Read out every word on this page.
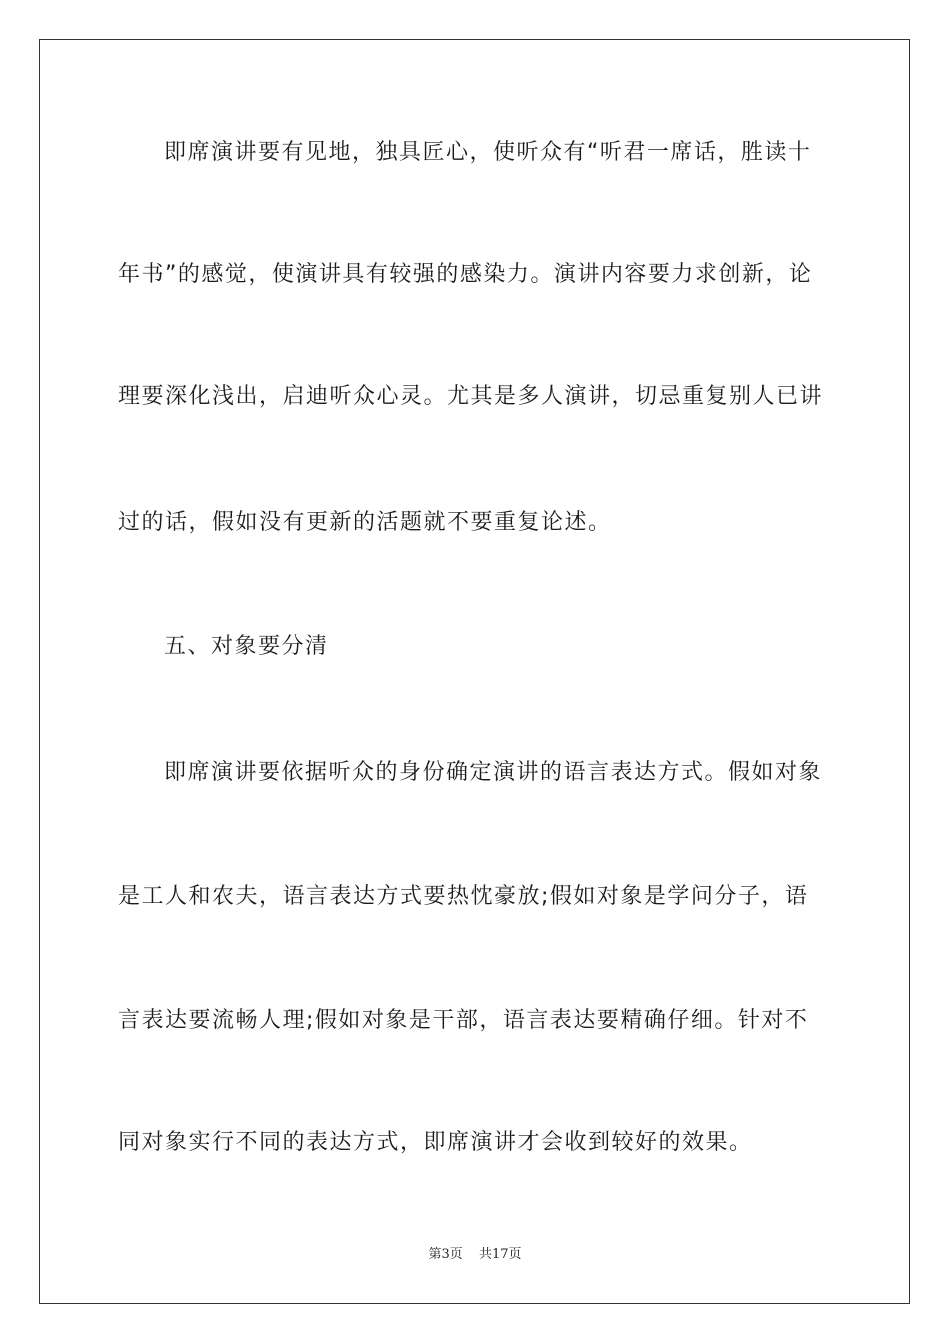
即席演讲要有见地，独具匠心，使听众有“听君一席话，胜读十
年书”的感觉，使演讲具有较强的感染力。演讲内容要力求创新，论
理要深化浅出，启迪听众心灵。尤其是多人演讲，切忌重复别人已讲
过的话，假如没有更新的活题就不要重复论述。
五、对象要分清
即席演讲要依据听众的身份确定演讲的语言表达方式。假如对象
是工人和农夫，语言表达方式要热忱豪放;假如对象是学问分子，语
言表达要流畅人理;假如对象是干部，语言表达要精确仔细。针对不
同对象实行不同的表达方式，即席演讲才会收到较好的效果。
第3页 共17页
